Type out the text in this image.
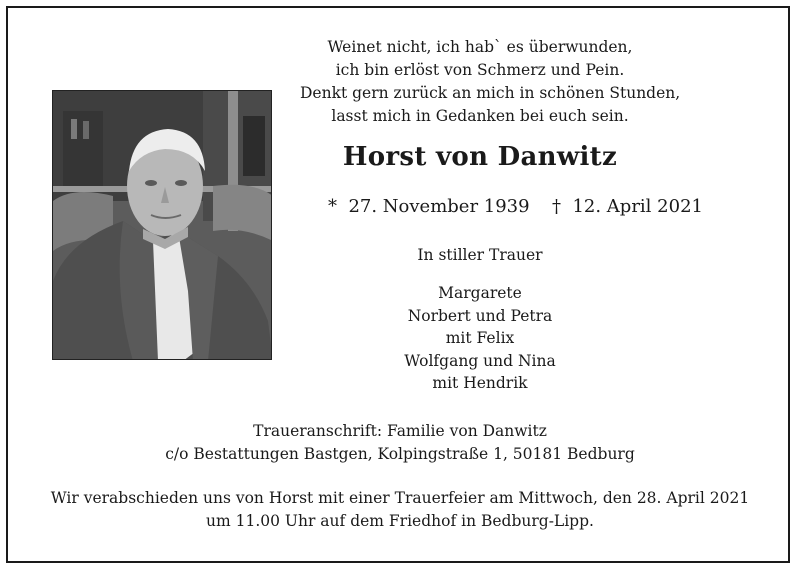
Weinet nicht, ich hab` es überwunden,
ich bin erlöst von Schmerz und Pein.
Denkt gern zurück an mich in schönen Stunden,
lasst mich in Gedanken bei euch sein.
Horst von Danwitz
* 27. November 1939 † 12. April 2021
In stiller Trauer
Margarete
Norbert und Petra
mit Felix
Wolfgang und Nina
mit Hendrik
Traueranschrift: Familie von Danwitz
c/o Bestattungen Bastgen, Kolpingstraße 1, 50181 Bedburg
Wir verabschieden uns von Horst mit einer Trauerfeier am Mittwoch, den 28. April 2021
um 11.00 Uhr auf dem Friedhof in Bedburg-Lipp.
